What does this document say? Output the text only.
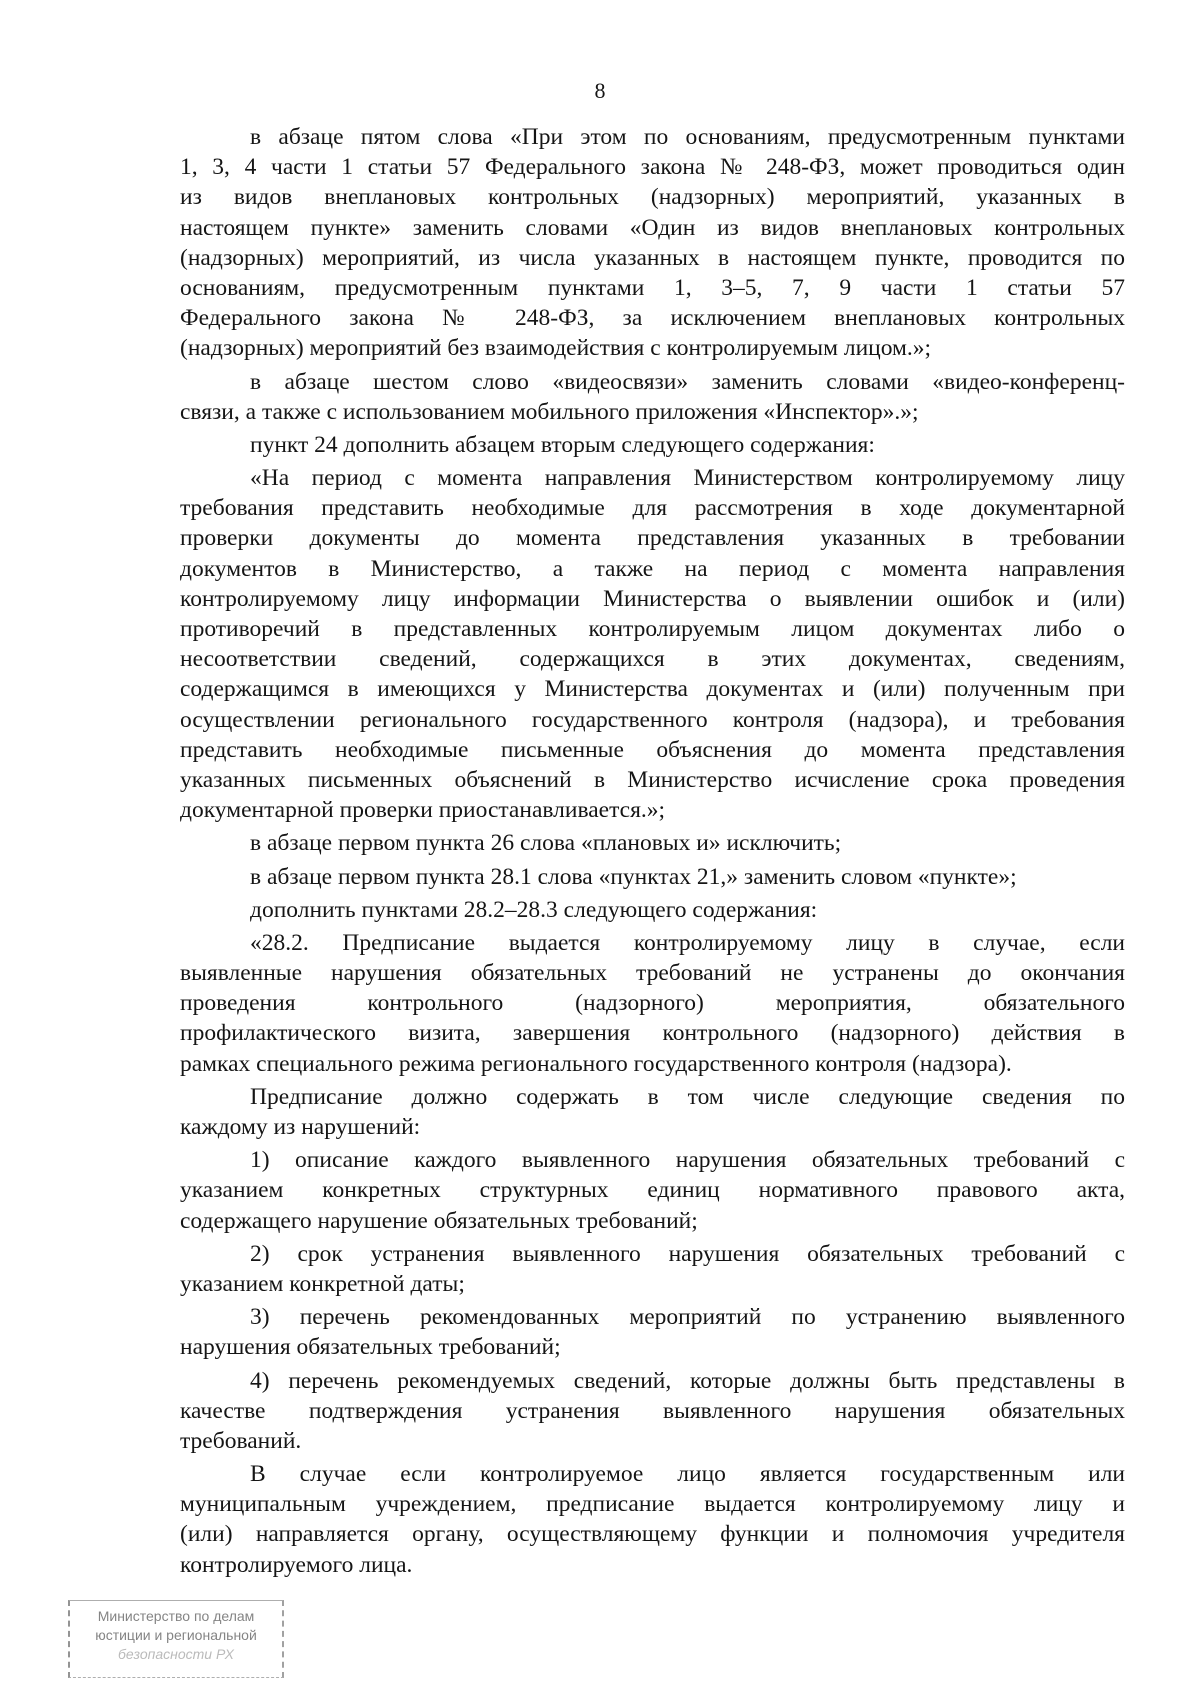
8
в абзаце пятом слова «При этом по основаниям, предусмотренным пунктами
1, 3, 4 части 1 статьи 57 Федерального закона № 248-ФЗ, может проводиться один
из видов внеплановых контрольных (надзорных) мероприятий, указанных в
настоящем пункте» заменить словами «Один из видов внеплановых контрольных
(надзорных) мероприятий, из числа указанных в настоящем пункте, проводится по
основаниям, предусмотренным пунктами 1, 3–5, 7, 9 части 1 статьи 57
Федерального закона № 248-ФЗ, за исключением внеплановых контрольных
(надзорных) мероприятий без взаимодействия с контролируемым лицом.»;
в абзаце шестом слово «видеосвязи» заменить словами «видео-конференц-
связи, а также с использованием мобильного приложения «Инспектор».»;
пункт 24 дополнить абзацем вторым следующего содержания:
«На период с момента направления Министерством контролируемому лицу
требования представить необходимые для рассмотрения в ходе документарной
проверки документы до момента представления указанных в требовании
документов в Министерство, а также на период с момента направления
контролируемому лицу информации Министерства о выявлении ошибок и (или)
противоречий в представленных контролируемым лицом документах либо о
несоответствии сведений, содержащихся в этих документах, сведениям,
содержащимся в имеющихся у Министерства документах и (или) полученным при
осуществлении регионального государственного контроля (надзора), и требования
представить необходимые письменные объяснения до момента представления
указанных письменных объяснений в Министерство исчисление срока проведения
документарной проверки приостанавливается.»;
в абзаце первом пункта 26 слова «плановых и» исключить;
в абзаце первом пункта 28.1 слова «пунктах 21,» заменить словом «пункте»;
дополнить пунктами 28.2–28.3 следующего содержания:
«28.2. Предписание выдается контролируемому лицу в случае, если
выявленные нарушения обязательных требований не устранены до окончания
проведения контрольного (надзорного) мероприятия, обязательного
профилактического визита, завершения контрольного (надзорного) действия в
рамках специального режима регионального государственного контроля (надзора).
Предписание должно содержать в том числе следующие сведения по
каждому из нарушений:
1) описание каждого выявленного нарушения обязательных требований с
указанием конкретных структурных единиц нормативного правового акта,
содержащего нарушение обязательных требований;
2) срок устранения выявленного нарушения обязательных требований с
указанием конкретной даты;
3) перечень рекомендованных мероприятий по устранению выявленного
нарушения обязательных требований;
4) перечень рекомендуемых сведений, которые должны быть представлены в
качестве подтверждения устранения выявленного нарушения обязательных
требований.
В случае если контролируемое лицо является государственным или
муниципальным учреждением, предписание выдается контролируемому лицу и
(или) направляется органу, осуществляющему функции и полномочия учредителя
контролируемого лица.
Министерство по делам
юстиции и региональной
безопасности РХ
